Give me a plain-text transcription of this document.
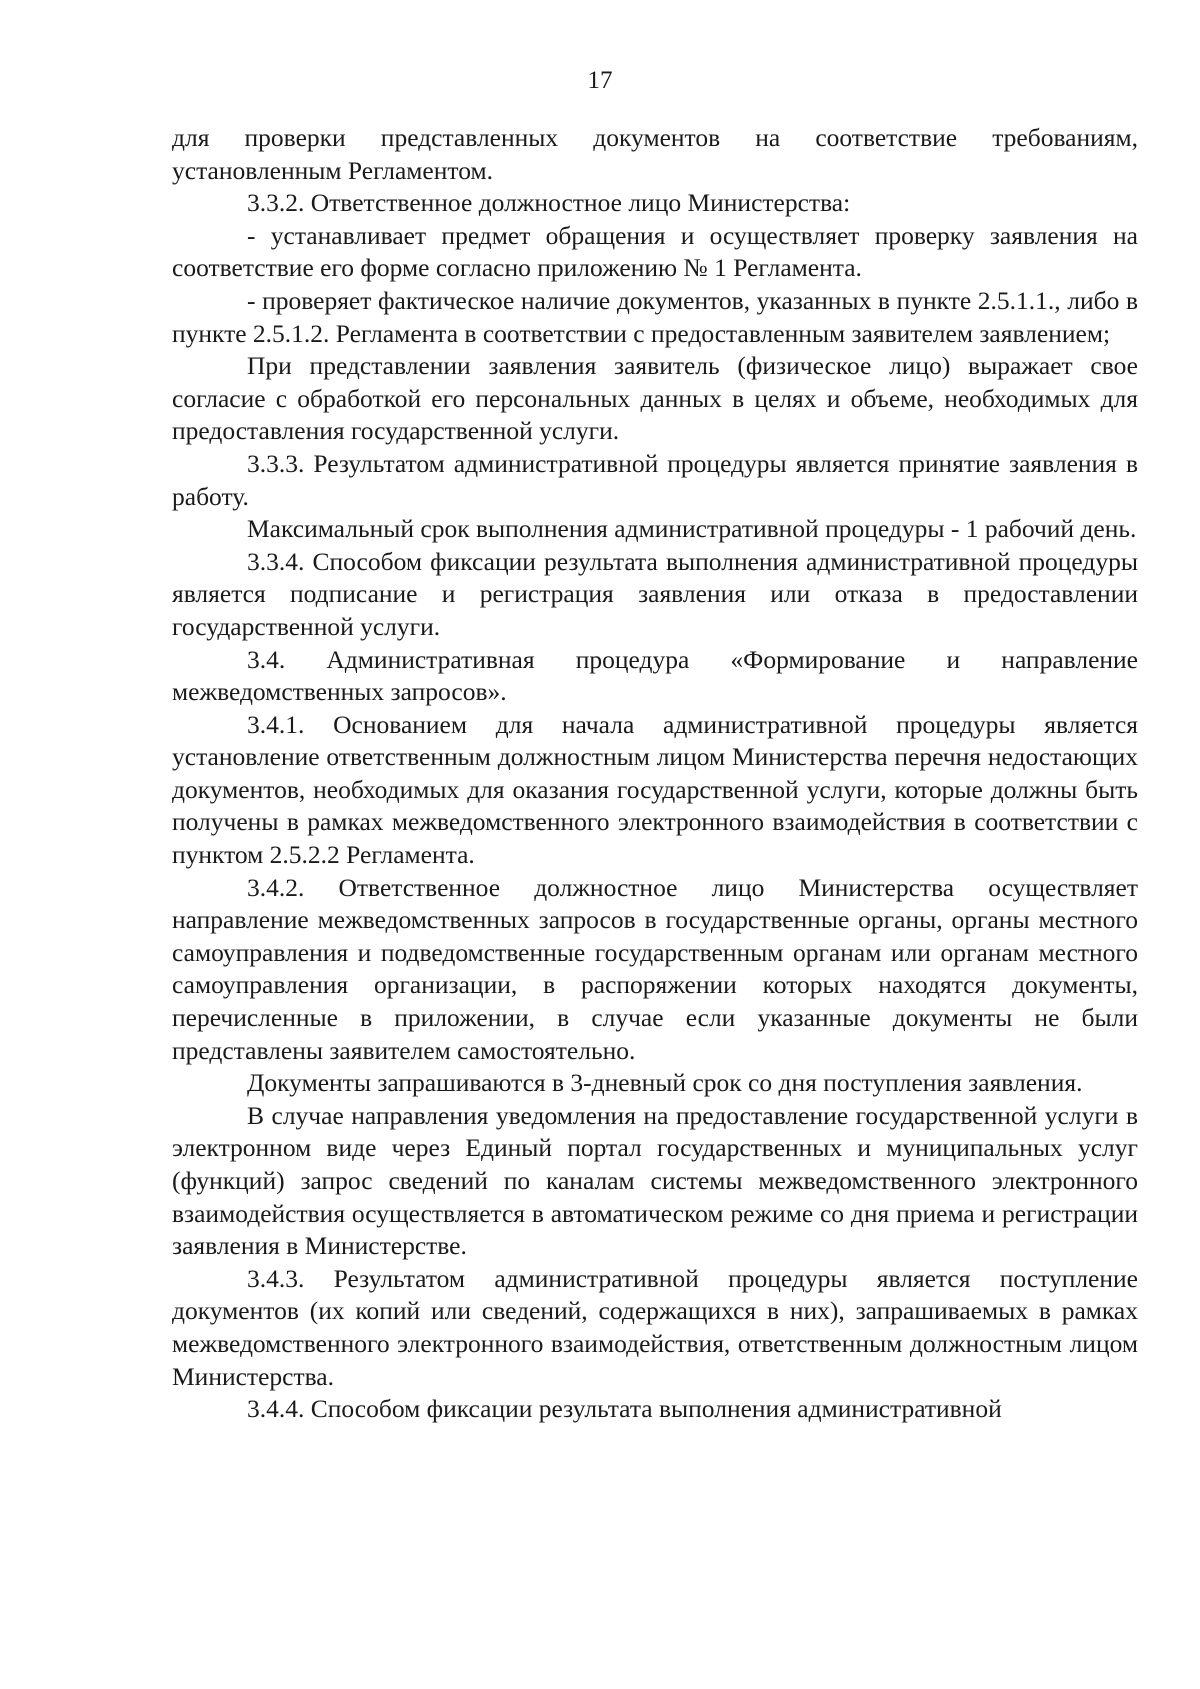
17

для проверки представленных документов на соответствие требованиям, установленным Регламентом.

3.3.2. Ответственное должностное лицо Министерства:

- устанавливает предмет обращения и осуществляет проверку заявления на соответствие его форме согласно приложению № 1 Регламента.

- проверяет фактическое наличие документов, указанных в пункте 2.5.1.1., либо в пункте 2.5.1.2. Регламента в соответствии с предоставленным заявителем заявлением;

При представлении заявления заявитель (физическое лицо) выражает свое согласие с обработкой его персональных данных в целях и объеме, необходимых для предоставления государственной услуги.

3.3.3. Результатом административной процедуры является принятие заявления в работу.

Максимальный срок выполнения административной процедуры - 1 рабочий день.

3.3.4. Способом фиксации результата выполнения административной процедуры является подписание и регистрация заявления или отказа в предоставлении государственной услуги.

3.4. Административная процедура «Формирование и направление межведомственных запросов».

3.4.1. Основанием для начала административной процедуры является установление ответственным должностным лицом Министерства перечня недостающих документов, необходимых для оказания государственной услуги, которые должны быть получены в рамках межведомственного электронного взаимодействия в соответствии с пунктом 2.5.2.2 Регламента.

3.4.2. Ответственное должностное лицо Министерства осуществляет направление межведомственных запросов в государственные органы, органы местного самоуправления и подведомственные государственным органам или органам местного самоуправления организации, в распоряжении которых находятся документы, перечисленные в приложении, в случае если указанные документы не были представлены заявителем самостоятельно.

Документы запрашиваются в 3-дневный срок со дня поступления заявления.

В случае направления уведомления на предоставление государственной услуги в электронном виде через Единый портал государственных и муниципальных услуг (функций) запрос сведений по каналам системы межведомственного электронного взаимодействия осуществляется в автоматическом режиме со дня приема и регистрации заявления в Министерстве.

3.4.3. Результатом административной процедуры является поступление документов (их копий или сведений, содержащихся в них), запрашиваемых в рамках межведомственного электронного взаимодействия, ответственным должностным лицом Министерства.

3.4.4. Способом фиксации результата выполнения административной
